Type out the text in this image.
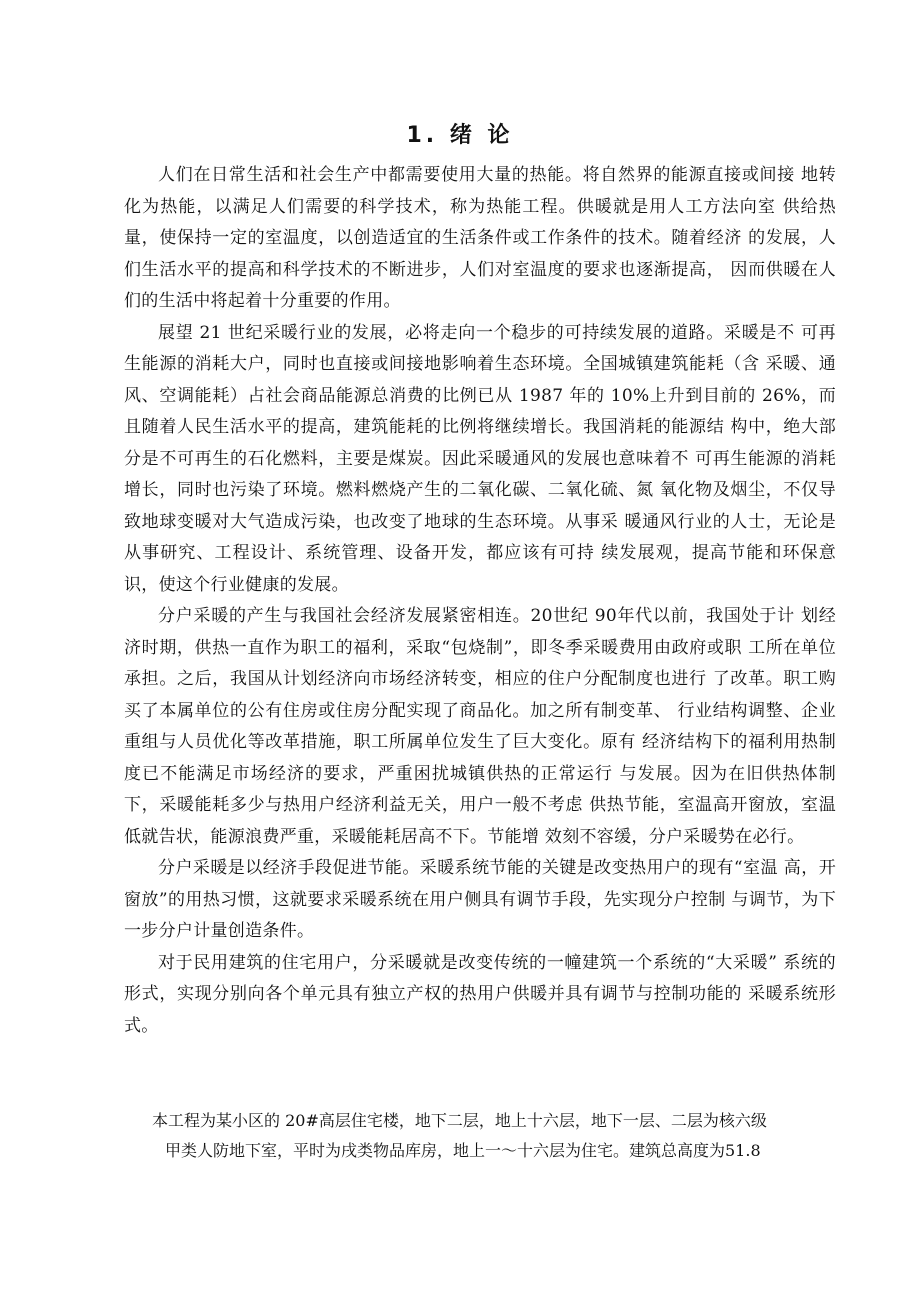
1. 绪 论

人们在日常生活和社会生产中都需要使用大量的热能。将自然界的能源直接或间接 地转化为热能，以满足人们需要的科学技术，称为热能工程。供暖就是用人工方法向室 供给热量，使保持一定的室温度，以创造适宜的生活条件或工作条件的技术。随着经济 的发展，人们生活水平的提高和科学技术的不断进步，人们对室温度的要求也逐渐提高， 因而供暖在人们的生活中将起着十分重要的作用。

展望 21 世纪采暖行业的发展，必将走向一个稳步的可持续发展的道路。采暖是不 可再生能源的消耗大户，同时也直接或间接地影响着生态环境。全国城镇建筑能耗（含 采暖、通风、空调能耗）占社会商品能源总消费的比例已从 1987 年的 10%上升到目前的 26%，而且随着人民生活水平的提高，建筑能耗的比例将继续增长。我国消耗的能源结 构中，绝大部分是不可再生的石化燃料，主要是煤炭。因此采暖通风的发展也意味着不 可再生能源的消耗增长，同时也污染了环境。燃料燃烧产生的二氧化碳、二氧化硫、氮 氧化物及烟尘，不仅导致地球变暖对大气造成污染，也改变了地球的生态环境。从事采 暖通风行业的人士，无论是从事研究、工程设计、系统管理、设备开发，都应该有可持 续发展观，提高节能和环保意识，使这个行业健康的发展。

分户采暖的产生与我国社会经济发展紧密相连。20世纪 90年代以前，我国处于计 划经济时期，供热一直作为职工的福利，采取“包烧制”，即冬季采暖费用由政府或职 工所在单位承担。之后，我国从计划经济向市场经济转变，相应的住户分配制度也进行 了改革。职工购买了本属单位的公有住房或住房分配实现了商品化。加之所有制变革、 行业结构调整、企业重组与人员优化等改革措施，职工所属单位发生了巨大变化。原有 经济结构下的福利用热制度已不能满足市场经济的要求，严重困扰城镇供热的正常运行 与发展。因为在旧供热体制下，采暖能耗多少与热用户经济利益无关，用户一般不考虑 供热节能，室温高开窗放，室温低就告状，能源浪费严重，采暖能耗居高不下。节能增 效刻不容缓，分户采暖势在必行。

分户采暖是以经济手段促进节能。采暖系统节能的关键是改变热用户的现有“室温 高，开窗放”的用热习惯，这就要求采暖系统在用户侧具有调节手段，先实现分户控制 与调节，为下一步分户计量创造条件。

对于民用建筑的住宅用户，分采暖就是改变传统的一幢建筑一个系统的“大采暖” 系统的形式，实现分别向各个单元具有独立产权的热用户供暖并具有调节与控制功能的 采暖系统形式。

本工程为某小区的 20#高层住宅楼，地下二层，地上十六层，地下一层、二层为核六级
甲类人防地下室，平时为戌类物品库房，地上一～十六层为住宅。建筑总高度为51.8
